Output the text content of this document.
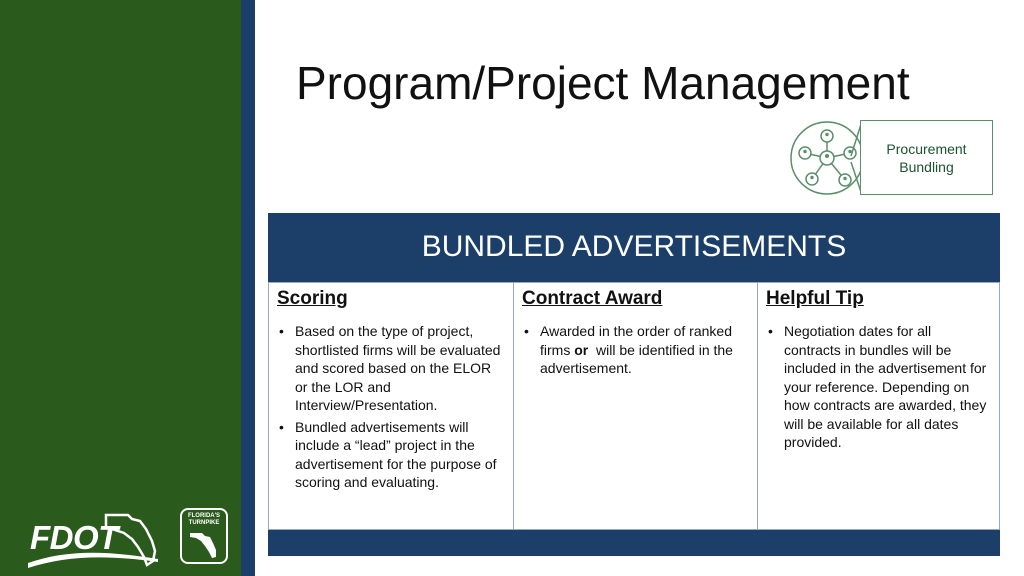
Program/Project Management
Procurement
Bundling
BUNDLED ADVERTISEMENTS
Scoring
• Based on the type of project, shortlisted firms will be evaluated and scored based on the ELOR or the LOR and Interview/Presentation.
• Bundled advertisements will include a “lead” project in the advertisement for the purpose of scoring and evaluating.
Contract Award
• Awarded in the order of ranked firms or  will be identified in the advertisement.
Helpful Tip
• Negotiation dates for all contracts in bundles will be included in the advertisement for your reference. Depending on how contracts are awarded, they will be available for all dates provided.
FDOT
FLORIDA'S TURNPIKE
